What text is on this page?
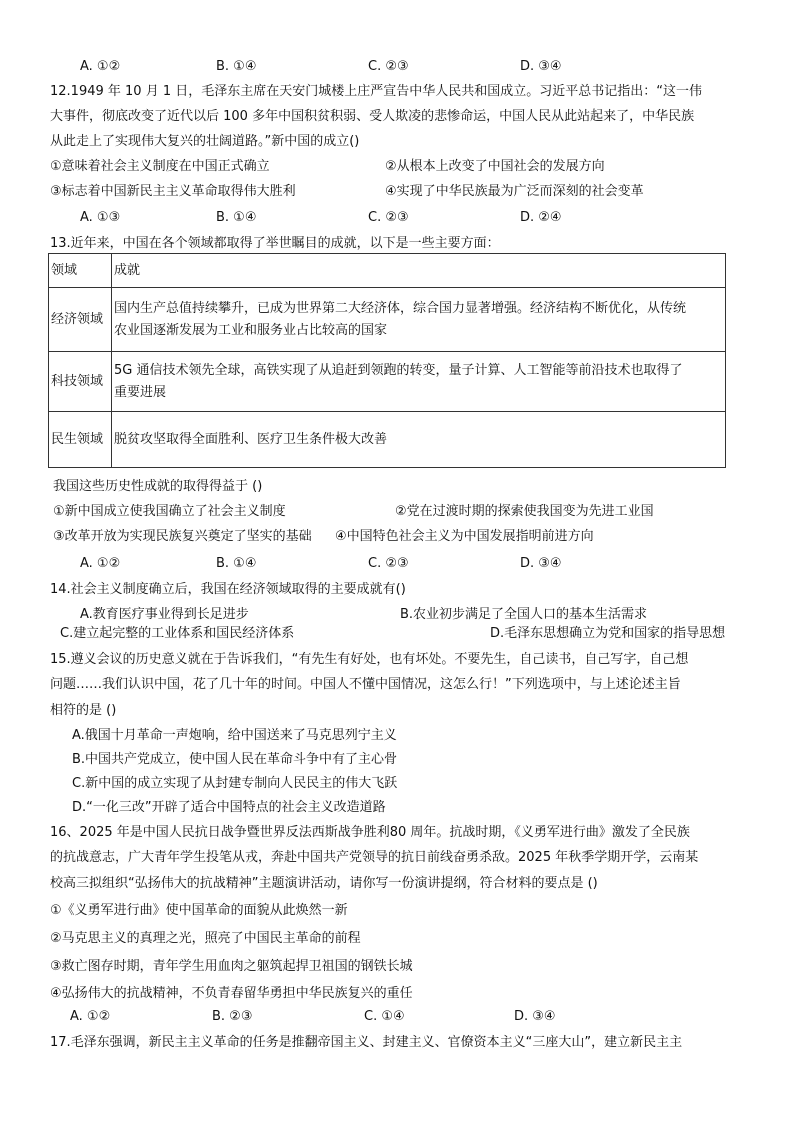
A. ①②	B. ①④	C. ②③	D. ③④
12.1949 年 10 月 1 日，毛泽东主席在天安门城楼上庄严宣告中华人民共和国成立。习近平总书记指出：“这一伟
大事件，彻底改变了近代以后 100 多年中国积贫积弱、受人欺凌的悲惨命运，中国人民从此站起来了，中华民族
从此走上了实现伟大复兴的壮阔道路。”新中国的成立()
①意味着社会主义制度在中国正式确立	②从根本上改变了中国社会的发展方向
③标志着中国新民主主义革命取得伟大胜利	④实现了中华民族最为广泛而深刻的社会变革
A. ①③	B. ①④	C. ②③	D. ②④
13.近年来，中国在各个领域都取得了举世瞩目的成就，以下是一些主要方面：
领域	成就
经济领域	国内生产总值持续攀升，已成为世界第二大经济体，综合国力显著增强。经济结构不断优化，从传统
农业国逐渐发展为工业和服务业占比较高的国家

科技领域	5G 通信技术领先全球，高铁实现了从追赶到领跑的转变，量子计算、人工智能等前沿技术也取得了
重要进展

民生领域	脱贫攻坚取得全面胜利、医疗卫生条件极大改善
我国这些历史性成就的取得得益于 ()
①新中国成立使我国确立了社会主义制度	②党在过渡时期的探索使我国变为先进工业国
③改革开放为实现民族复兴奠定了坚实的基础 ④中国特色社会主义为中国发展指明前进方向
A. ①②	B. ①④	C. ②③	D. ③④
14.社会主义制度确立后，我国在经济领域取得的主要成就有()
A.教育医疗事业得到长足进步	B.农业初步满足了全国人口的基本生活需求
C.建立起完整的工业体系和国民经济体系	D.毛泽东思想确立为党和国家的指导思想
15.遵义会议的历史意义就在于告诉我们，“有先生有好处，也有坏处。不要先生，自己读书，自己写字，自己想
问题……我们认识中国，花了几十年的时间。中国人不懂中国情况，这怎么行！”下列选项中，与上述论述主旨
相符的是 ()
A.俄国十月革命一声炮响，给中国送来了马克思列宁主义
B.中国共产党成立，使中国人民在革命斗争中有了主心骨
C.新中国的成立实现了从封建专制向人民民主的伟大飞跃
D.“一化三改”开辟了适合中国特点的社会主义改造道路
16、2025 年是中国人民抗日战争暨世界反法西斯战争胜利80 周年。抗战时期，《义勇军进行曲》激发了全民族
的抗战意志，广大青年学生投笔从戎，奔赴中国共产党领导的抗日前线奋勇杀敌。2025 年秋季学期开学，云南某
校高三拟组织“弘扬伟大的抗战精神”主题演讲活动，请你写一份演讲提纲，符合材料的要点是 ()
①《义勇军进行曲》使中国革命的面貌从此焕然一新
②马克思主义的真理之光，照亮了中国民主革命的前程
③救亡图存时期，青年学生用血肉之躯筑起捍卫祖国的钢铁长城
④弘扬伟大的抗战精神，不负青春留华勇担中华民族复兴的重任
A. ①②	B. ②③	C. ①④	D. ③④
17.毛泽东强调，新民主主义革命的任务是推翻帝国主义、封建主义、官僚资本主义“三座大山”，建立新民主主
